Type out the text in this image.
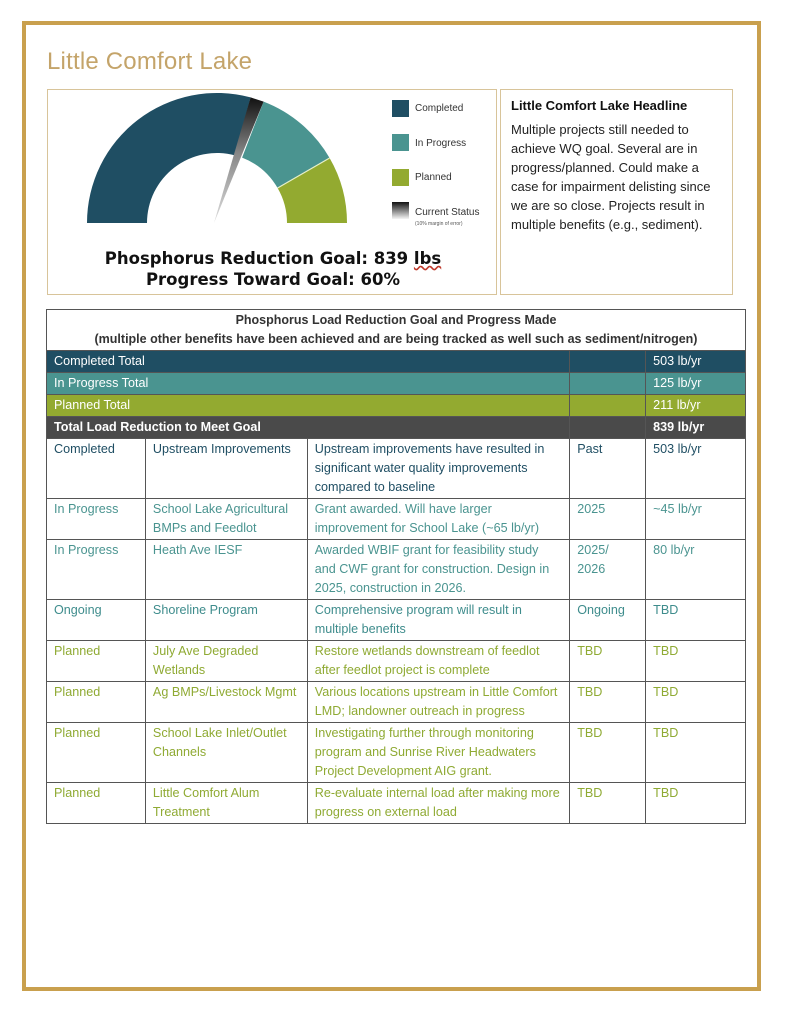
Little Comfort Lake
Completed
In Progress
Planned
Current Status
(10% margin of error)
Phosphorus Reduction Goal: 839 lbs
Progress Toward Goal: 60%
Little Comfort Lake Headline
Multiple projects still needed to achieve WQ goal. Several are in progress/planned. Could make a case for impairment delisting since we are so close. Projects result in multiple benefits (e.g., sediment).
Phosphorus Load Reduction Goal and Progress Made
(multiple other benefits have been achieved and are being tracked as well such as sediment/nitrogen)				

Completed Total				503 lb/yr
In Progress Total				125 lb/yr
Planned Total				211 lb/yr
Total Load Reduction to Meet Goal				839 lb/yr
Completed	Upstream Improvements	Upstream improvements have resulted in significant water quality improvements compared to baseline	Past	503 lb/yr
In Progress	School Lake Agricultural BMPs and Feedlot	Grant awarded. Will have larger improvement for School Lake (~65 lb/yr)	2025	~45 lb/yr
In Progress	Heath Ave IESF	Awarded WBIF grant for feasibility study and CWF grant for construction. Design in 2025, construction in 2026.	2025/ 2026	80 lb/yr
Ongoing	Shoreline Program	Comprehensive program will result in multiple benefits	Ongoing	TBD
Planned	July Ave Degraded Wetlands	Restore wetlands downstream of feedlot after feedlot project is complete	TBD	TBD
Planned	Ag BMPs/Livestock Mgmt	Various locations upstream in Little Comfort LMD; landowner outreach in progress	TBD	TBD
Planned	School Lake Inlet/Outlet Channels	Investigating further through monitoring program and Sunrise River Headwaters Project Development AIG grant.	TBD	TBD
Planned	Little Comfort Alum Treatment	Re-evaluate internal load after making more progress on external load	TBD	TBD
